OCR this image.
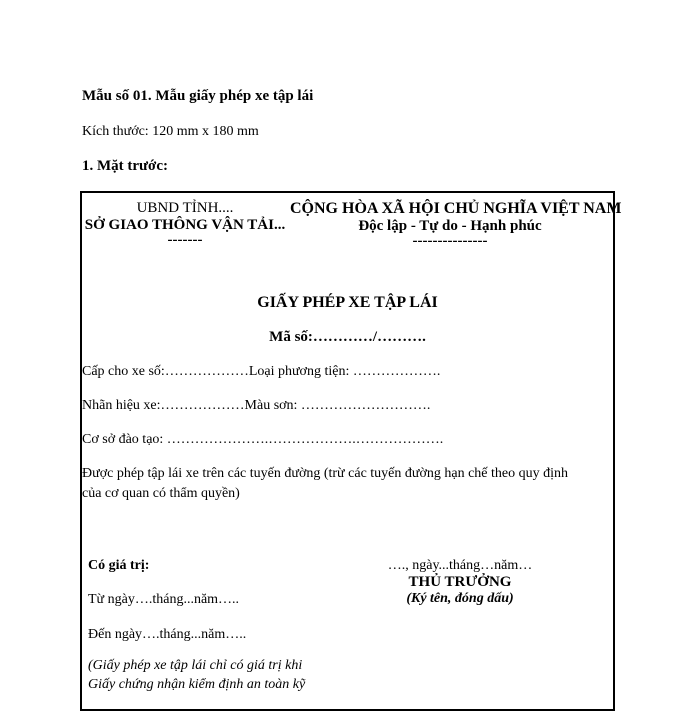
Mẫu số 01. Mẫu giấy phép xe tập lái
Kích thước: 120 mm x 180 mm
1. Mặt trước:
UBND TỈNH....
SỞ GIAO THÔNG VẬN TẢI...
-------
CỘNG HÒA XÃ HỘI CHỦ NGHĨA VIỆT NAM
Độc lập - Tự do - Hạnh phúc
---------------
GIẤY PHÉP XE TẬP LÁI
Mã số:…………/……….
Cấp cho xe số:………………Loại phương tiện: ……………….
Nhãn hiệu xe:………………Màu sơn: ……………………….
Cơ sở đào tạo: ………………….……………….……………….
Được phép tập lái xe trên các tuyến đường (trừ các tuyến đường hạn chế theo quy định
của cơ quan có thẩm quyền)
Có giá trị:
Từ ngày….tháng...năm…..
Đến ngày….tháng...năm…..
(Giấy phép xe tập lái chỉ có giá trị khi
Giấy chứng nhận kiểm định an toàn kỹ
…., ngày...tháng…năm…
THỦ TRƯỞNG
(Ký tên, đóng dấu)
